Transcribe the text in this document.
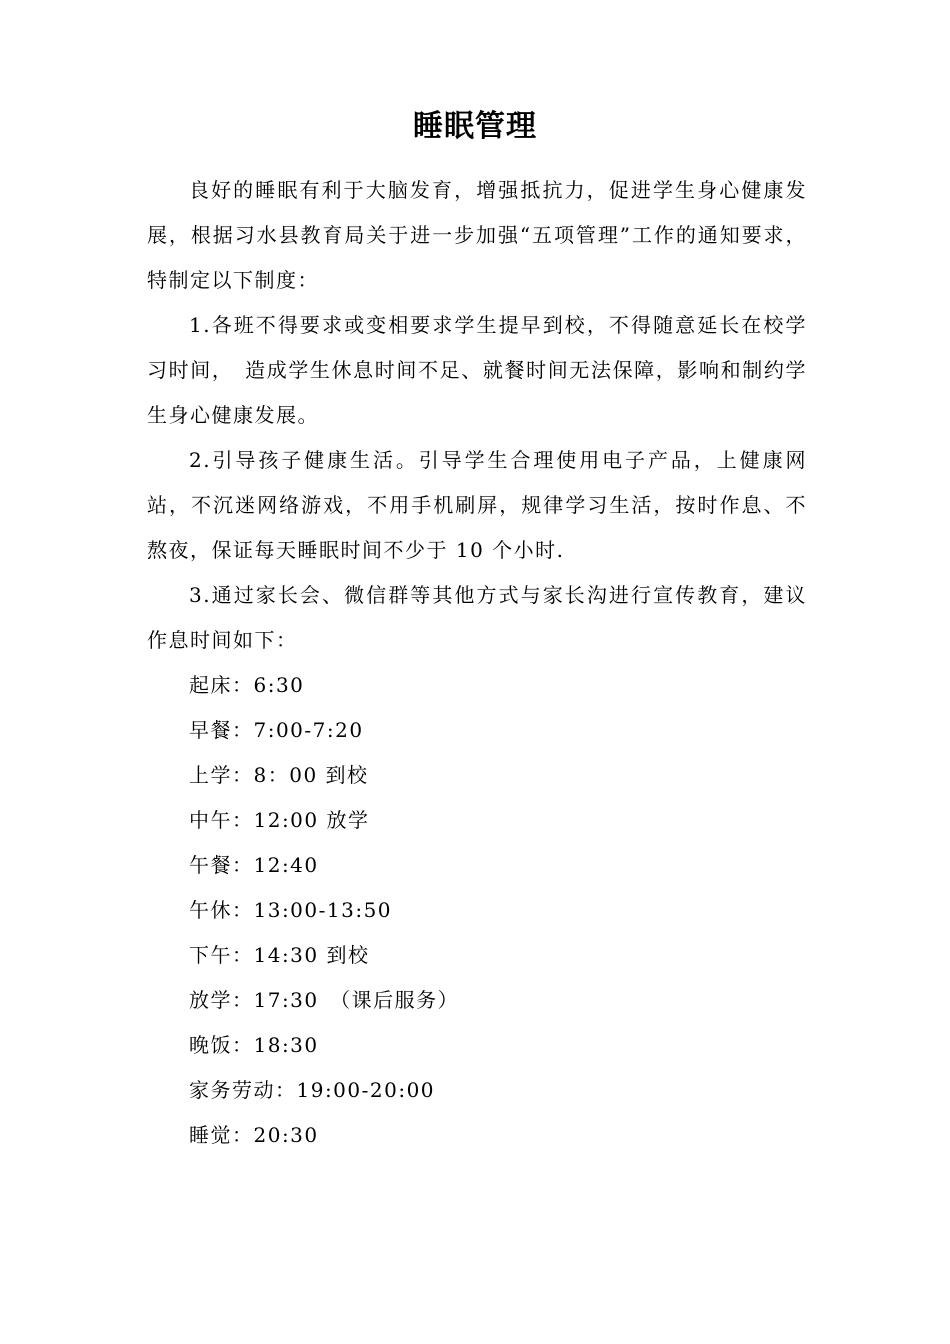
睡眠管理

良好的睡眠有利于大脑发育，增强抵抗力，促进学生身心健康发展，根据习水县教育局关于进一步加强“五项管理”工作的通知要求，特制定以下制度：

1.各班不得要求或变相要求学生提早到校，不得随意延长在校学习时间，　造成学生休息时间不足、就餐时间无法保障，影响和制约学生身心健康发展。

2.引导孩子健康生活。引导学生合理使用电子产品，上健康网站，不沉迷网络游戏，不用手机刷屏，规律学习生活，按时作息、不熬夜，保证每天睡眠时间不少于 10 个小时.

3.通过家长会、微信群等其他方式与家长沟进行宣传教育，建议作息时间如下：

起床：6:30
早餐：7:00-7:20
上学：8：00 到校
中午：12:00 放学
午餐：12:40
午休：13:00-13:50
下午：14:30 到校
放学：17:30　（课后服务）
晚饭：18:30
家务劳动：19:00-20:00
睡觉：20:30
